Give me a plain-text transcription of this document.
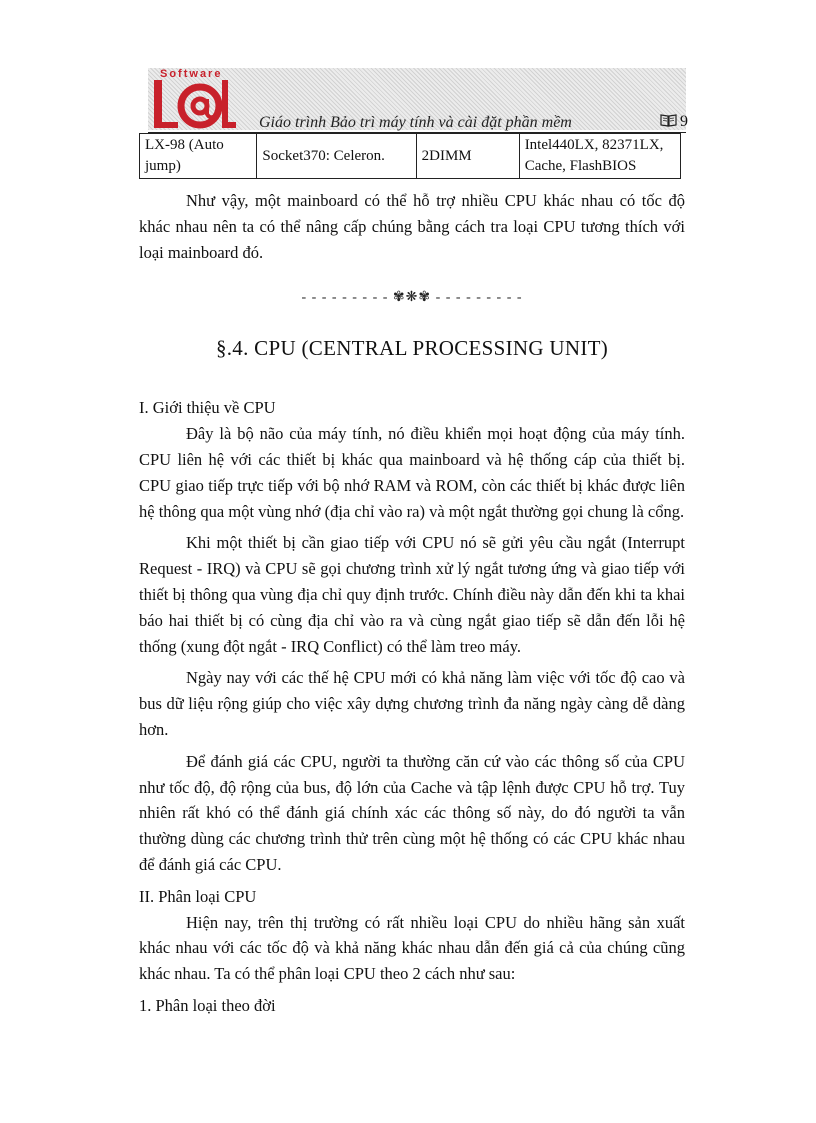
Software
Giáo trình Bảo trì máy tính và cài đặt phần mềm	9
LX-98 (Auto jump)	Socket370: Celeron.	2DIMM	Intel440LX, 82371LX, Cache, FlashBIOS

Như vậy, một mainboard có thể hỗ trợ nhiều CPU khác nhau có tốc độ khác nhau nên ta có thể nâng cấp chúng bằng cách tra loại CPU tương thích với loại mainboard đó.

- - - - - - - - - ✾❋✾ - - - - - - - - -
§.4. CPU (CENTRAL PROCESSING UNIT)

I. Giới thiệu về CPU

Đây là bộ não của máy tính, nó điều khiển mọi hoạt động của máy tính. CPU liên hệ với các thiết bị khác qua mainboard và hệ thống cáp của thiết bị. CPU giao tiếp trực tiếp với bộ nhớ RAM và ROM, còn các thiết bị khác được liên hệ thông qua một vùng nhớ (địa chỉ vào ra) và một ngắt thường gọi chung là cổng.

Khi một thiết bị cần giao tiếp với CPU nó sẽ gửi yêu cầu ngắt (Interrupt Request - IRQ) và CPU sẽ gọi chương trình xử lý ngắt tương ứng và giao tiếp với thiết bị thông qua vùng địa chỉ quy định trước. Chính điều này dẫn đến khi ta khai báo hai thiết bị có cùng địa chỉ vào ra và cùng ngắt giao tiếp sẽ dẫn đến lỗi hệ thống (xung đột ngắt - IRQ Conflict) có thể làm treo máy.

Ngày nay với các thế hệ CPU mới có khả năng làm việc với tốc độ cao và bus dữ liệu rộng giúp cho việc xây dựng chương trình đa năng ngày càng dễ dàng hơn.

Để đánh giá các CPU, người ta thường căn cứ vào các thông số của CPU như tốc độ, độ rộng của bus, độ lớn của Cache và tập lệnh được CPU hỗ trợ. Tuy nhiên rất khó có thể đánh giá chính xác các thông số này, do đó người ta vẫn thường dùng các chương trình thử trên cùng một hệ thống có các CPU khác nhau để đánh giá các CPU.

II. Phân loại CPU

Hiện nay, trên thị trường có rất nhiều loại CPU do nhiều hãng sản xuất khác nhau với các tốc độ và khả năng khác nhau dẫn đến giá cả của chúng cũng khác nhau. Ta có thể phân loại CPU theo 2 cách như sau:

1. Phân loại theo đời
